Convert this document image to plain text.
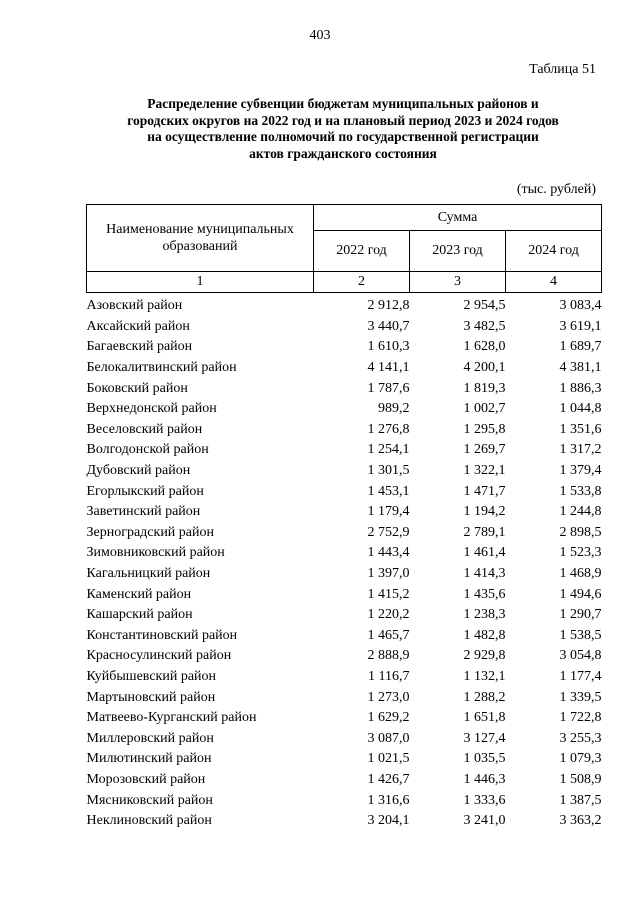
403
Таблица 51
Распределение субвенции бюджетам муниципальных районов и
городских округов на 2022 год и на плановый период 2023 и 2024 годов
на осуществление полномочий по государственной регистрации
актов гражданского состояния
(тыс. рублей)
Наименование муниципальных
образований	Сумма		
	2022 год	2023 год	2024 год
1	2	3	4
Азовский район	2 912,8	2 954,5	3 083,4
Аксайский район	3 440,7	3 482,5	3 619,1
Багаевский район	1 610,3	1 628,0	1 689,7
Белокалитвинский район	4 141,1	4 200,1	4 381,1
Боковский район	1 787,6	1 819,3	1 886,3
Верхнедонской район	989,2	1 002,7	1 044,8
Веселовский район	1 276,8	1 295,8	1 351,6
Волгодонской район	1 254,1	1 269,7	1 317,2
Дубовский район	1 301,5	1 322,1	1 379,4
Егорлыкский район	1 453,1	1 471,7	1 533,8
Заветинский район	1 179,4	1 194,2	1 244,8
Зерноградский район	2 752,9	2 789,1	2 898,5
Зимовниковский район	1 443,4	1 461,4	1 523,3
Кагальницкий район	1 397,0	1 414,3	1 468,9
Каменский район	1 415,2	1 435,6	1 494,6
Кашарский район	1 220,2	1 238,3	1 290,7
Константиновский район	1 465,7	1 482,8	1 538,5
Красносулинский район	2 888,9	2 929,8	3 054,8
Куйбышевский район	1 116,7	1 132,1	1 177,4
Мартыновский район	1 273,0	1 288,2	1 339,5
Матвеево-Курганский район	1 629,2	1 651,8	1 722,8
Миллеровский район	3 087,0	3 127,4	3 255,3
Милютинский район	1 021,5	1 035,5	1 079,3
Морозовский район	1 426,7	1 446,3	1 508,9
Мясниковский район	1 316,6	1 333,6	1 387,5
Неклиновский район	3 204,1	3 241,0	3 363,2
